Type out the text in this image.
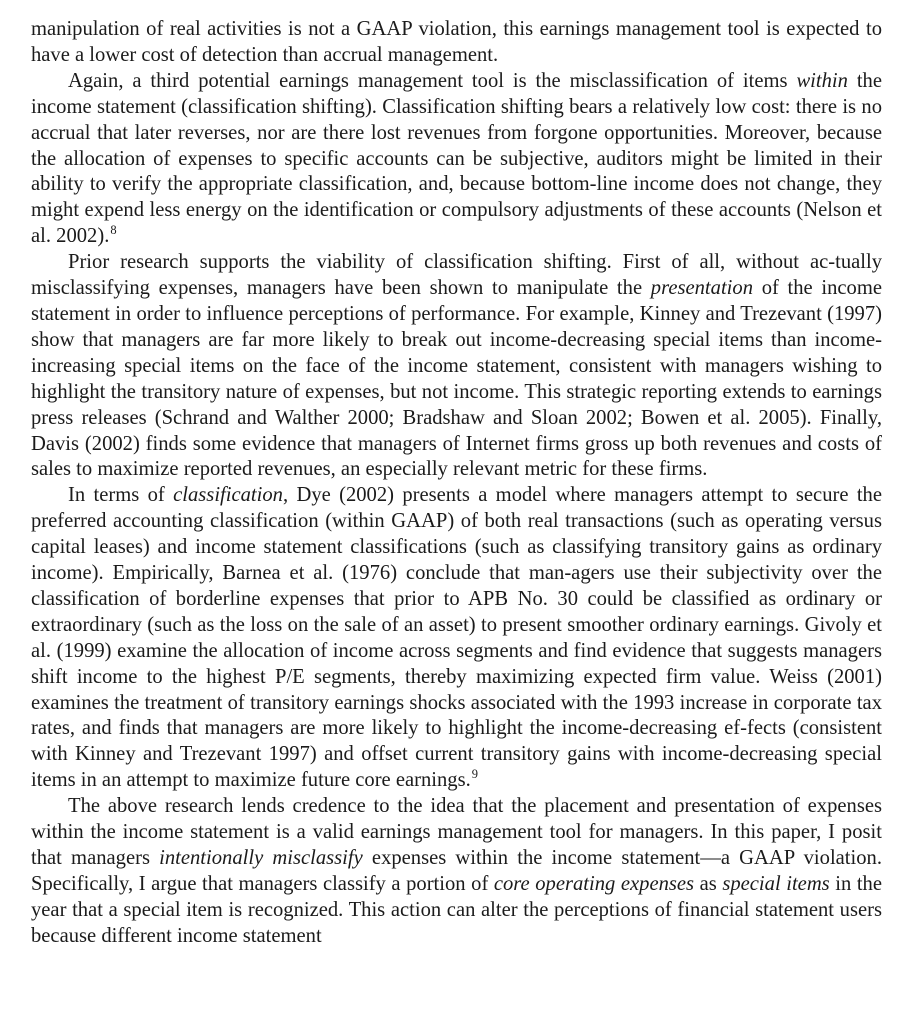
manipulation of real activities is not a GAAP violation, this earnings management tool is expected to have a lower cost of detection than accrual management.

Again, a third potential earnings management tool is the misclassification of items within the income statement (classification shifting). Classification shifting bears a relatively low cost: there is no accrual that later reverses, nor are there lost revenues from forgone opportunities. Moreover, because the allocation of expenses to specific accounts can be subjective, auditors might be limited in their ability to verify the appropriate classification, and, because bottom-line income does not change, they might expend less energy on the identification or compulsory adjustments of these accounts (Nelson et al. 2002).$^8$

Prior research supports the viability of classification shifting. First of all, without ac-tually misclassifying expenses, managers have been shown to manipulate the presentation of the income statement in order to influence perceptions of performance. For example, Kinney and Trezevant (1997) show that managers are far more likely to break out income-decreasing special items than income-increasing special items on the face of the income statement, consistent with managers wishing to highlight the transitory nature of expenses, but not income. This strategic reporting extends to earnings press releases (Schrand and Walther 2000; Bradshaw and Sloan 2002; Bowen et al. 2005). Finally, Davis (2002) finds some evidence that managers of Internet firms gross up both revenues and costs of sales to maximize reported revenues, an especially relevant metric for these firms.

In terms of classification, Dye (2002) presents a model where managers attempt to secure the preferred accounting classification (within GAAP) of both real transactions (such as operating versus capital leases) and income statement classifications (such as classifying transitory gains as ordinary income). Empirically, Barnea et al. (1976) conclude that man-agers use their subjectivity over the classification of borderline expenses that prior to APB No. 30 could be classified as ordinary or extraordinary (such as the loss on the sale of an asset) to present smoother ordinary earnings. Givoly et al. (1999) examine the allocation of income across segments and find evidence that suggests managers shift income to the highest P/E segments, thereby maximizing expected firm value. Weiss (2001) examines the treatment of transitory earnings shocks associated with the 1993 increase in corporate tax rates, and finds that managers are more likely to highlight the income-decreasing ef-fects (consistent with Kinney and Trezevant 1997) and offset current transitory gains with income-decreasing special items in an attempt to maximize future core earnings.$^9$

The above research lends credence to the idea that the placement and presentation of expenses within the income statement is a valid earnings management tool for managers. In this paper, I posit that managers intentionally misclassify expenses within the income statement—a GAAP violation. Specifically, I argue that managers classify a portion of core operating expenses as special items in the year that a special item is recognized. This action can alter the perceptions of financial statement users because different income statement
